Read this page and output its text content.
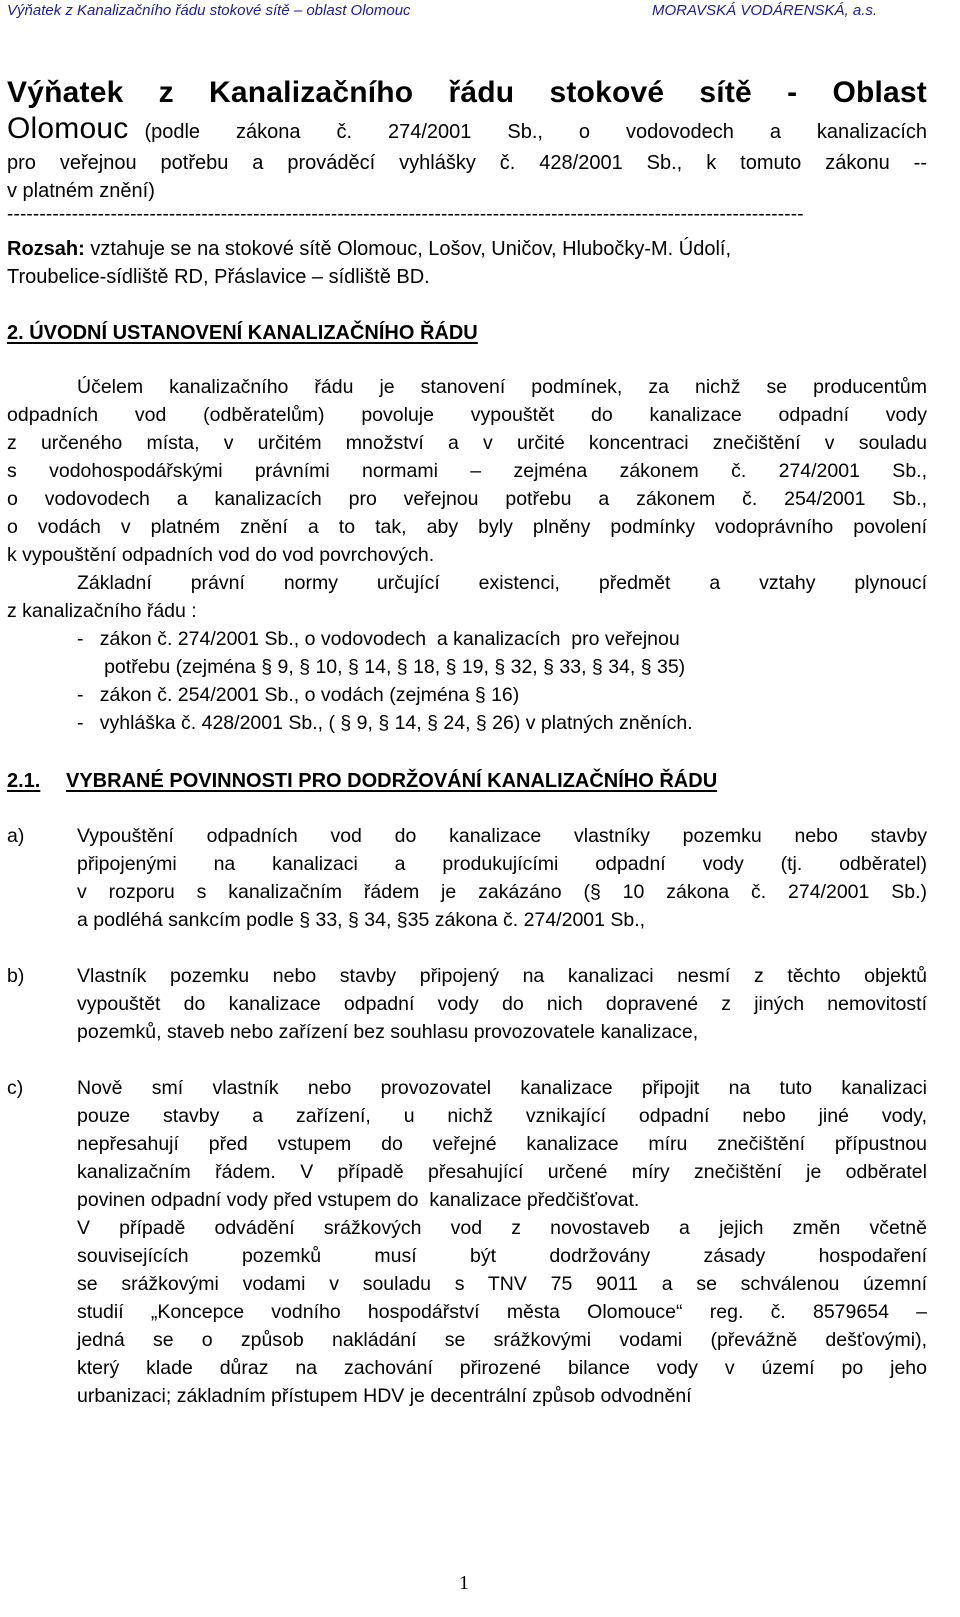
Výňatek z Kanalizačního řádu stokové sítě – oblast Olomouc	MORAVSKÁ VODÁRENSKÁ, a.s.
Výňatek z Kanalizačního řádu stokové sítě - Oblast
Olomouc (podle zákona č. 274/2001 Sb., o vodovodech a kanalizacích
pro veřejnou potřebu a prováděcí vyhlášky č. 428/2001 Sb., k tomuto zákonu --
v platném znění)
---------------------------------------------------------------------------------------------------------------------------
Rozsah: vztahuje se na stokové sítě Olomouc, Lošov, Uničov, Hlubočky-M. Údolí,
Troubelice-sídliště RD, Přáslavice – sídliště BD.
2. ÚVODNÍ USTANOVENÍ KANALIZAČNÍHO ŘÁDU
Účelem kanalizačního řádu je stanovení podmínek, za nichž se producentům
odpadních vod (odběratelům) povoluje vypouštět do kanalizace odpadní vody
z určeného místa, v určitém množství a v určité koncentraci znečištění v souladu
s vodohospodářskými právními normami – zejména zákonem č. 274/2001 Sb.,
o vodovodech a kanalizacích pro veřejnou potřebu a zákonem č. 254/2001 Sb.,
o vodách v platném znění a to tak, aby byly plněny podmínky vodoprávního povolení
k vypouštění odpadních vod do vod povrchových.
Základní právní normy určující existenci, předmět a vztahy plynoucí
z kanalizačního řádu :
-   zákon č. 274/2001 Sb., o vodovodech  a kanalizacích  pro veřejnou
potřebu (zejména § 9, § 10, § 14, § 18, § 19, § 32, § 33, § 34, § 35)
-   zákon č. 254/2001 Sb., o vodách (zejména § 16)
-   vyhláška č. 428/2001 Sb., ( § 9, § 14, § 24, § 26) v platných zněních.
2.1. VYBRANÉ POVINNOSTI PRO DODRŽOVÁNÍ KANALIZAČNÍHO ŘÁDU
a)	Vypouštění odpadních vod do kanalizace vlastníky pozemku nebo stavby
připojenými na kanalizaci a produkujícími odpadní vody (tj. odběratel)
v rozporu s kanalizačním řádem je zakázáno (§ 10 zákona č. 274/2001 Sb.)
a podléhá sankcím podle § 33, § 34, §35 zákona č. 274/2001 Sb.,
b)	Vlastník pozemku nebo stavby připojený na kanalizaci nesmí z těchto objektů
vypouštět do kanalizace odpadní vody do nich dopravené z jiných nemovitostí
pozemků, staveb nebo zařízení bez souhlasu provozovatele kanalizace,
c)	Nově smí vlastník nebo provozovatel kanalizace připojit na tuto kanalizaci
pouze stavby a zařízení, u nichž vznikající odpadní nebo jiné vody,
nepřesahují před vstupem do veřejné kanalizace míru znečištění přípustnou
kanalizačním řádem. V případě přesahující určené míry znečištění je odběratel
povinen odpadní vody před vstupem do  kanalizace předčišťovat.
V případě odvádění srážkových vod z novostaveb a jejich změn včetně
souvisejících pozemků musí být dodržovány zásady hospodaření
se srážkovými vodami v souladu s TNV 75 9011 a se schválenou územní
studií „Koncepce vodního hospodářství města Olomouce“ reg. č. 8579654 –
jedná se o způsob nakládání se srážkovými vodami (převážně dešťovými),
který klade důraz na zachování přirozené bilance vody v území po jeho
urbanizaci; základním přístupem HDV je decentrální způsob odvodnění
1
